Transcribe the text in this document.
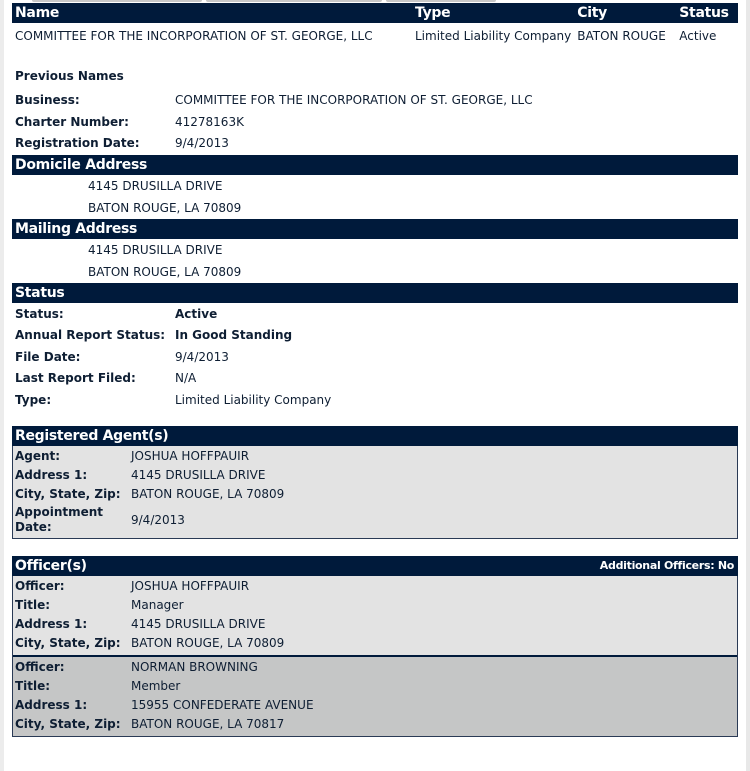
Name	Type	City	Status
COMMITTEE FOR THE INCORPORATION OF ST. GEORGE, LLC	Limited Liability Company	BATON ROUGE	Active
Previous Names
Business:	COMMITTEE FOR THE INCORPORATION OF ST. GEORGE, LLC
Charter Number:	41278163K
Registration Date:	9/4/2013
Domicile Address
4145 DRUSILLA DRIVE
BATON ROUGE, LA 70809
Mailing Address
4145 DRUSILLA DRIVE
BATON ROUGE, LA 70809
Status
Status:	Active
Annual Report Status: In Good Standing
File Date:	9/4/2013
Last Report Filed:	N/A
Type:	Limited Liability Company
Registered Agent(s)
Agent:	JOSHUA HOFFPAUIR
Address 1:	4145 DRUSILLA DRIVE
City, State, Zip: BATON ROUGE, LA 70809
Appointment Date:
9/4/2013
Officer(s)	Additional Officers: No
Officer:	JOSHUA HOFFPAUIR
Title:	Manager
Address 1:	4145 DRUSILLA DRIVE
City, State, Zip: BATON ROUGE, LA 70809
Officer:	NORMAN BROWNING
Title:	Member
Address 1:	15955 CONFEDERATE AVENUE
City, State, Zip: BATON ROUGE, LA 70817
